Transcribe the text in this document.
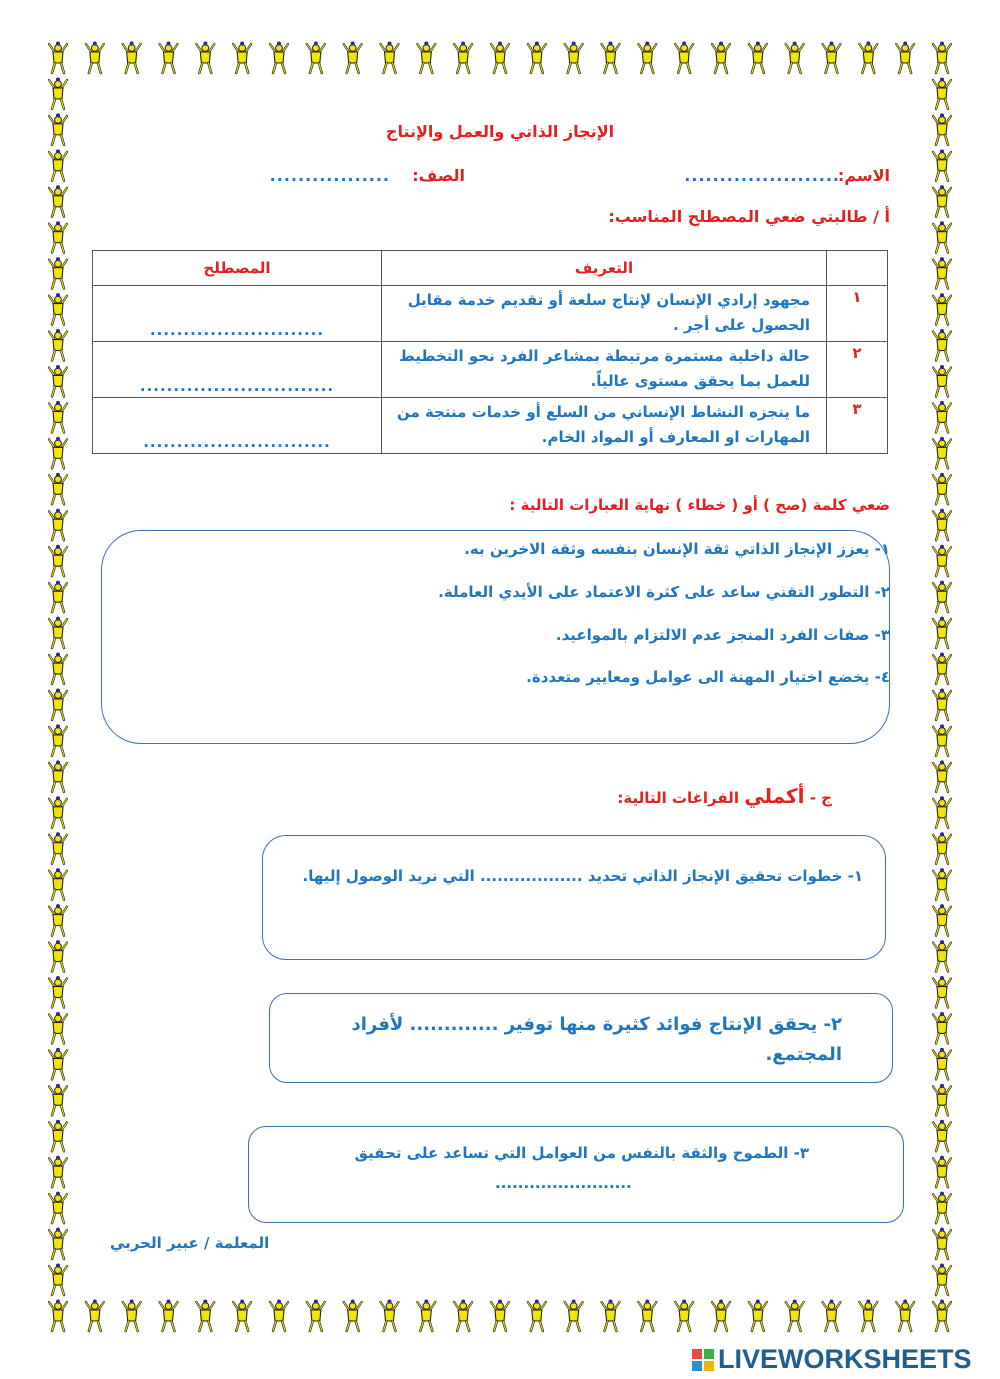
الإنجاز الذاتي والعمل والإنتاج
الاسم:
......................
الصف:
.................
أ / طالبتي ضعي المصطلح المناسب:
	التعريف	المصطلح
١	مجهود إرادي الإنسان لإنتاج سلعة أو تقديم خدمة مقابل الحصول على أجر .	..........................
٢	حالة داخلية مستمرة مرتبطة بمشاعر الفرد نحو التخطيط للعمل بما يحقق مستوى عالياً.	.............................
٣	ما ينجزه النشاط الإنساني من السلع أو خدمات منتجة من المهارات او المعارف أو المواد الخام.	............................
ضعي كلمة (صح ) أو ( خطاء ) نهاية العبارات التالية :
١- يعزز الإنجاز الذاتي ثقة الإنسان بنفسه وثقة الاخرين به.
٢- التطور التقني ساعد على كثرة الاعتماد على الأيدي العاملة.
٣- صفات الفرد المنجز عدم الالتزام بالمواعيد.
٤- يخضع اختيار المهنة الى عوامل ومعايير متعددة.
ج - أكملي الفراغات التالية:
١- خطوات تحقيق الإنجاز الذاتي تحديد .................. التي نريد الوصول إليها.
٢- يحقق الإنتاج فوائد كثيرة منها توفير ............. لأفراد المجتمع.
٣- الطموح والثقة بالنفس من العوامل التي تساعد على تحقيق
........................
المعلمة / عبير الحربي
LIVEWORKSHEETS
